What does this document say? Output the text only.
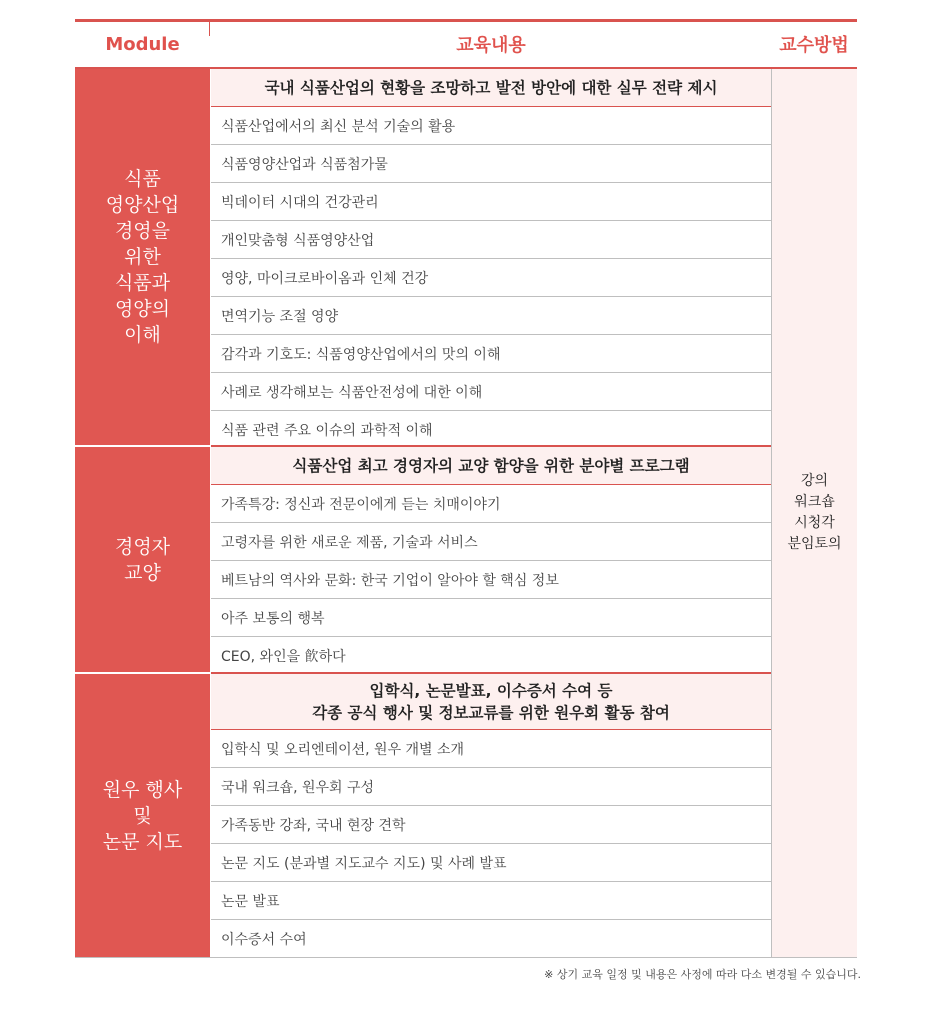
Module	교육내용	교수방법
식품
영양산업
경영을
위한
식품과
영양의
이해
국내 식품산업의 현황을 조망하고 발전 방안에 대한 실무 전략 제시
식품산업에서의 최신 분석 기술의 활용
식품영양산업과 식품첨가물
빅데이터 시대의 건강관리
개인맞춤형 식품영양산업
영양, 마이크로바이옴과 인체 건강
면역기능 조절 영양
감각과 기호도: 식품영양산업에서의 맛의 이해
사례로 생각해보는 식품안전성에 대한 이해
식품 관련 주요 이슈의 과학적 이해
경영자
교양
식품산업 최고 경영자의 교양 함양을 위한 분야별 프로그램
가족특강: 정신과 전문이에게 듣는 치매이야기
고령자를 위한 새로운 제품, 기술과 서비스
베트남의 역사와 문화: 한국 기업이 알아야 할 핵심 정보
아주 보통의 행복
CEO, 와인을 飮하다
원우 행사
및
논문 지도
입학식, 논문발표, 이수증서 수여 등
각종 공식 행사 및 정보교류를 위한 원우회 활동 참여
입학식 및 오리엔테이션, 원우 개별 소개
국내 워크숍, 원우회 구성
가족동반 강좌, 국내 현장 견학
논문 지도 (분과별 지도교수 지도) 및 사례 발표
논문 발표
이수증서 수여
강의
워크숍
시청각
분임토의
※ 상기 교육 일정 및 내용은 사정에 따라 다소 변경될 수 있습니다.
